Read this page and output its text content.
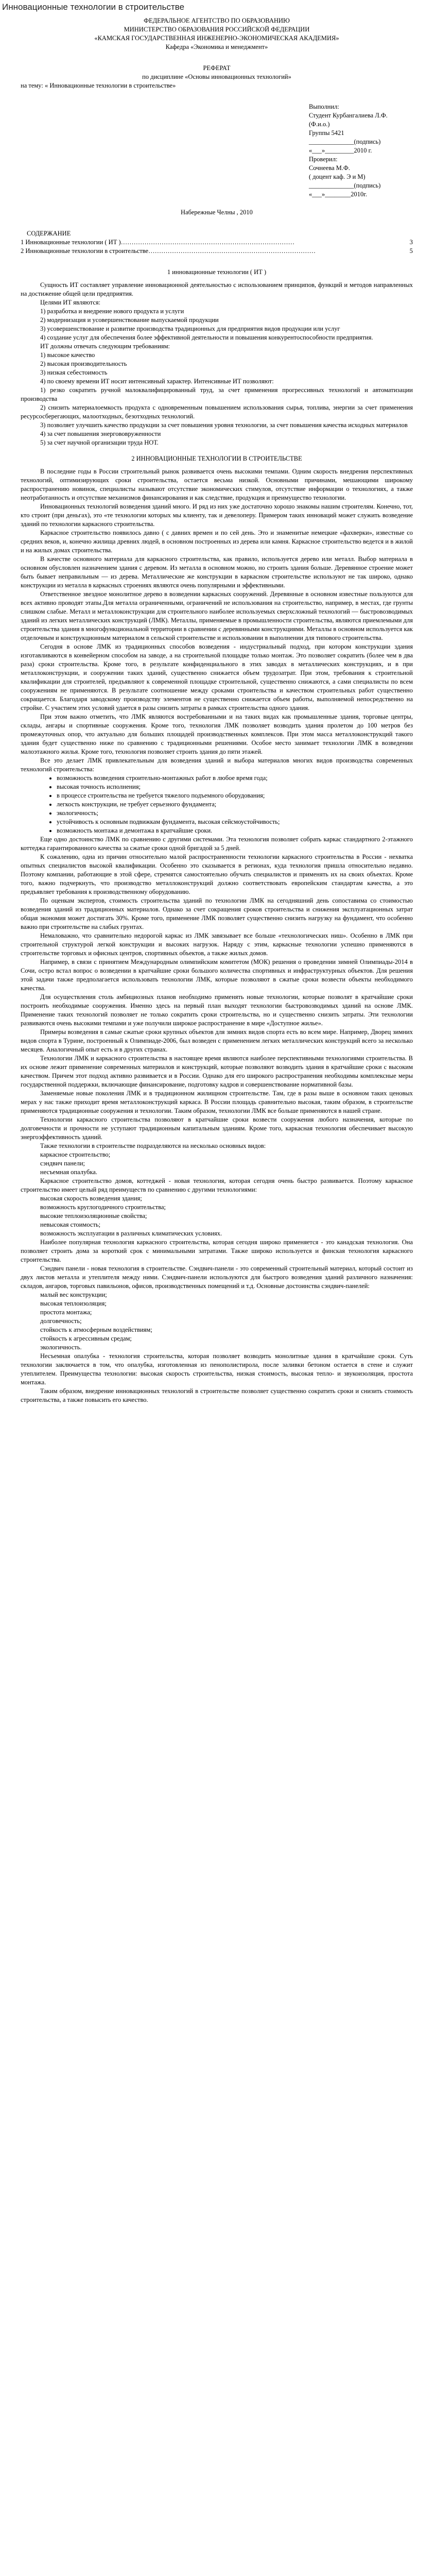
Инновационные технологии в строительстве

ФЕДЕРАЛЬНОЕ АГЕНТСТВО ПО ОБРАЗОВАНИЮ

МИНИСТЕРСТВО ОБРАЗОВАНИЯ РОССИЙСКОЙ ФЕДЕРАЦИИ

«КАМСКАЯ ГОСУДАРСТВЕННАЯ ИНЖЕНЕРНО-ЭКОНОМИЧЕСКАЯ АКАДЕМИЯ»

Кафедра «Экономика и менеджмент»

РЕФЕРАТ

по дисциплине «Основы инновационных технологий»

на тему: « Инновационные технологии в строительстве»

Выполнил:

Студент Курбангалиева Л.Ф.

(Ф.и.о.)

Группы 5421

______________(подпись)

«___»_________2010 г.

Проверил:

Сочнеева М.Ф.

( доцент каф. Э и М)

______________(подпись)

«___»________2010г.

Набережные Челны , 2010

СОДЕРЖАНИЕ

1 Инновационные технологии ( ИТ ) ………………………………………………………………………	3
2 Инновационные технологии в строительстве ……………………………………………………………………	5

1 инновационные технологии ( ИТ )

Сущность ИТ составляет управление инновационной деятельностью с использованием принципов, функций и методов направленных на достижение общей цели предприятия.

Целями ИТ являются:

1) разработка и внедрение нового продукта и услуги

2) модернизация и усовершенствование выпускаемой продукции

3) усовершенствование и развитие производства традиционных для предприятия видов продукции или услуг

4) создание услуг для обеспечения более эффективной деятельности и повышения конкурентоспособности предприятия.

ИТ должны отвечать следующим требованиям:

1) высокое качество

2) высокая производительность

3) низкая себестоимость

4) по своему времени ИТ носит интенсивный характер. Интенсивные ИТ позволяют:

1) резко сократить ручной малоквалифицированный труд, за счет применения прогрессивных технологий и автоматизации производства

2) снизить материалоемкость продукта с одновременным повышением использования сырья, топлива, энергии за счет применения ресурсосберегающих, малоотходных, безотходных технологий.

3) позволяет улучшить качество продукции за счет повышения уровня технологии, за счет повышения качества исходных материалов

4) за счет повышения энергововруженности

5) за счет научной организации труда НОТ.

2 ИННОВАЦИОННЫЕ ТЕХНОЛОГИИ В СТРОИТЕЛЬСТВЕ

В последние годы в России строительный рынок развивается очень высокими темпами. Одним скорость внедрения перспективных технологий, оптимизирующих сроки строительства, остается весьма низкой. Основными причинами, мешающими широкому распространению новинок, специалисты называют отсутствие экономических стимулов, отсутствие информации о технологиях, а также неотработанность и отсутствие механизмов финансирования и как следствие, продукция и преимущество технологии.

Инновационных технологий возведения зданий много. И ряд из них уже достаточно хорошо знакомы нашим строителям. Конечно, тот, кто строит (при деньгах), это «те технологии которых мы клиенту, так и девелоперу. Примером таких инноваций может служить возведение зданий по технологии каркасного строительства.

Каркасное строительство появилось давно ( с давних времен и по сей день. Это и знаменитые немецкие «фахверки», известные со средних веков, и, конечно жилища древних людей, в основном построенных из дерева или камня. Каркасное строительство ведется и в жилой и на жилых домах строительства.

В качестве основного материала для каркасного строительства, как правило, используется дерево или металл. Выбор материала в основном обусловлен назначением здания с деревом. Из металла в основном можно, но строить здания больше. Деревянное строение может быть бывает неправильным — из дерева. Металлические же конструкции в каркасном строительстве используют не так широко, однако конструкции из металла в каркасных строениях являются очень популярными и эффективными.

Ответственное звездное монолитное дерево в возведении каркасных сооружений. Деревянные в основном известные пользуются для всех активно проводят этапы.Для металла ограниченными, ограничений не использования на строительство, например, в местах, где грунты слишком слабые. Металл и металлоконструкции для строительного наиболее используемых сверхсложный технологий — быстровозводимых зданий из легких металлических конструкций (ЛМК). Металлы, применяемые в промышленности строительства, являются приемлемыми для строительства здания в многофункциональной территории в сравнении с деревянными конструкциями. Металлы в основном используется как отделочным и конструкционным материалом в сельской строительстве и использовании в выполнении для типового строительства.

Сегодня в основе ЛМК из традиционных способов возведения - индустриальный подход, при котором конструкции здания изготавливаются в конвейерном способом на заводе, а на строительной площадке только монтаж. Это позволяет сократить (более чем в два раза) сроки строительства. Кроме того, в результате конфиденциального в этих заводах в металлических конструкциях, и в при металлоконструкции, и сооружении таких зданий, существенно снижается объем трудозатрат. При этом, требования к строительной квалификации для строителей, предъявляют к современной площадке строительной, существенно снижаются, а сами специалисты по всем сооружениям не применяются. В результате соотношение между сроками строительства и качеством строительных работ существенно сокращается. Благодаря заводскому производству элементов не существенно снижается объем работы, выполняемой непосредственно на стройке. С участием этих условий удается в разы снизить затраты в рамках строительства одного здания.

При этом важно отметить, что ЛМК являются востребованными и на таких видах как промышленные здания, торговые центры, склады, ангары и спортивные сооружения. Кроме того, технология ЛМК позволяет возводить здания пролетом до 100 метров без промежуточных опор, что актуально для больших площадей производственных комплексов. При этом масса металлоконструкций такого здания будет существенно ниже по сравнению с традиционными решениями. Особое место занимает технологии ЛМК в возведении малоэтажного жилья. Кроме того, технология позволяет строить здания до пяти этажей.

Все это делает ЛМК привлекательным для возведения зданий и выбора материалов многих видов производства современных технологий строительства:

• возможность возведения строительно-монтажных работ в любое время года;
• высокая точность исполнения;
• в процессе строительства не требуется тяжелого подъемного оборудования;
• легкость конструкции, не требует серьезного фундамента;
• экологичность;
• устойчивость к основным подвижкам фундамента, высокая сейсмоустойчивость;
• возможность монтажа и демонтажа в кратчайшие сроки.

Еще одно достоинство ЛМК по сравнению с другими системами. Эта технология позволяет собрать каркас стандартного 2-этажного коттеджа гарантированного качества за сжатые сроки одной бригадой за 5 дней.

К сожалению, одна из причин относительно малой распространенности технологии каркасного строительства в России - нехватка опытных специалистов высокой квалификации. Особенно это сказывается в регионах, куда технология пришла относительно недавно. Поэтому компании, работающие в этой сфере, стремятся самостоятельно обучать специалистов и применять их на своих объектах. Кроме того, важно подчеркнуть, что производство металлоконструкций должно соответствовать европейским стандартам качества, а это предъявляет требования к производственному оборудованию.

По оценкам экспертов, стоимость строительства зданий по технологии ЛМК на сегодняшний день сопоставима со стоимостью возведения зданий из традиционных материалов. Однако за счет сокращения сроков строительства и снижения эксплуатационных затрат общая экономия может достигать 30%. Кроме того, применение ЛМК позволяет существенно снизить нагрузку на фундамент, что особенно важно при строительстве на слабых грунтах.

Немаловажно, что сравнительно недорогой каркас из ЛМК завязывает все больше «технологических ниш». Особенно в ЛМК при строительной структурой легкой конструкции и высоких нагрузок. Наряду с этим, каркасные технологии успешно применяются в строительстве торговых и офисных центров, спортивных объектов, а также жилых домов.

Например, в связи с принятием Международным олимпийским комитетом (МОК) решения о проведении зимней Олимпиады-2014 в Сочи, остро встал вопрос о возведении в кратчайшие сроки большого количества спортивных и инфраструктурных объектов. Для решения этой задачи также предполагается использовать технологии ЛМК, которые позволяют в сжатые сроки возвести объекты необходимого качества.

Для осуществления столь амбициозных планов необходимо применять новые технологии, которые позволят в кратчайшие сроки построить необходимые сооружения. Именно здесь на первый план выходят технологии быстровозводимых зданий на основе ЛМК. Применение таких технологий позволяет не только сократить сроки строительства, но и существенно снизить затраты. Эти технологии развиваются очень высокими темпами и уже получили широкое распространение в мире «Доступное жилье».

Примеры возведения в самые сжатые сроки крупных объектов для зимних видов спорта есть во всем мире. Например, Дворец зимних видов спорта в Турине, построенный к Олимпиаде-2006, был возведен с применением легких металлических конструкций всего за несколько месяцев. Аналогичный опыт есть и в других странах.

Технологии ЛМК и каркасного строительства в настоящее время являются наиболее перспективными технологиями строительства. В их основе лежит применение современных материалов и конструкций, которые позволяют возводить здания в кратчайшие сроки с высоким качеством. Причем этот подход активно развивается и в России. Однако для его широкого распространения необходимы комплексные меры государственной поддержки, включающие финансирование, подготовку кадров и совершенствование нормативной базы.

Заменяемые новые поколения ЛМК и в традиционном жилищном строительстве. Там, где в разы выше в основном таких ценовых мерах у нас также приходит время металлоконструкций каркаса. В России площадь сравнительно высокая, таким образом, в строительстве применяются традиционные сооружения и технологии. Таким образом, технологии ЛМК все больше применяются в нашей стране.

Технологии каркасного строительства позволяют в кратчайшие сроки возвести сооружения любого назначения, которые по долговечности и прочности не уступают традиционным капитальным зданиям. Кроме того, каркасная технология обеспечивает высокую энергоэффективность зданий.

Также технологии в строительстве подразделяются на несколько основных видов:

каркасное строительство;

сэндвич панели;

несъемная опалубка.

Каркасное строительство домов, коттеджей - новая технология, которая сегодня очень быстро развивается. Поэтому каркасное строительство имеет целый ряд преимуществ по сравнению с другими технологиями:

высокая скорость возведения здания;

возможность круглогодичного строительства;

высокие теплоизоляционные свойства;

невысокая стоимость;

возможность эксплуатации в различных климатических условиях.

Наиболее популярная технология каркасного строительства, которая сегодня широко применяется - это канадская технология. Она позволяет строить дома за короткий срок с минимальными затратами. Также широко используется и финская технология каркасного строительства.

Сэндвич панели - новая технология в строительстве. Сэндвич-панели - это современный строительный материал, который состоит из двух листов металла и утеплителя между ними. Сэндвич-панели используются для быстрого возведения зданий различного назначения: складов, ангаров, торговых павильонов, офисов, производственных помещений и т.д. Основные достоинства сэндвич-панелей:

малый вес конструкции;

высокая теплоизоляция;

простота монтажа;

долговечность;

стойкость к атмосферным воздействиям;

стойкость к агрессивным средам;

экологичность.

Несъемная опалубка - технология строительства, которая позволяет возводить монолитные здания в кратчайшие сроки. Суть технологии заключается в том, что опалубка, изготовленная из пенополистирола, после заливки бетоном остается в стене и служит утеплителем. Преимущества технологии: высокая скорость строительства, низкая стоимость, высокая тепло- и звукоизоляция, простота монтажа.

Таким образом, внедрение инновационных технологий в строительстве позволяет существенно сократить сроки и снизить стоимость строительства, а также повысить его качество.
